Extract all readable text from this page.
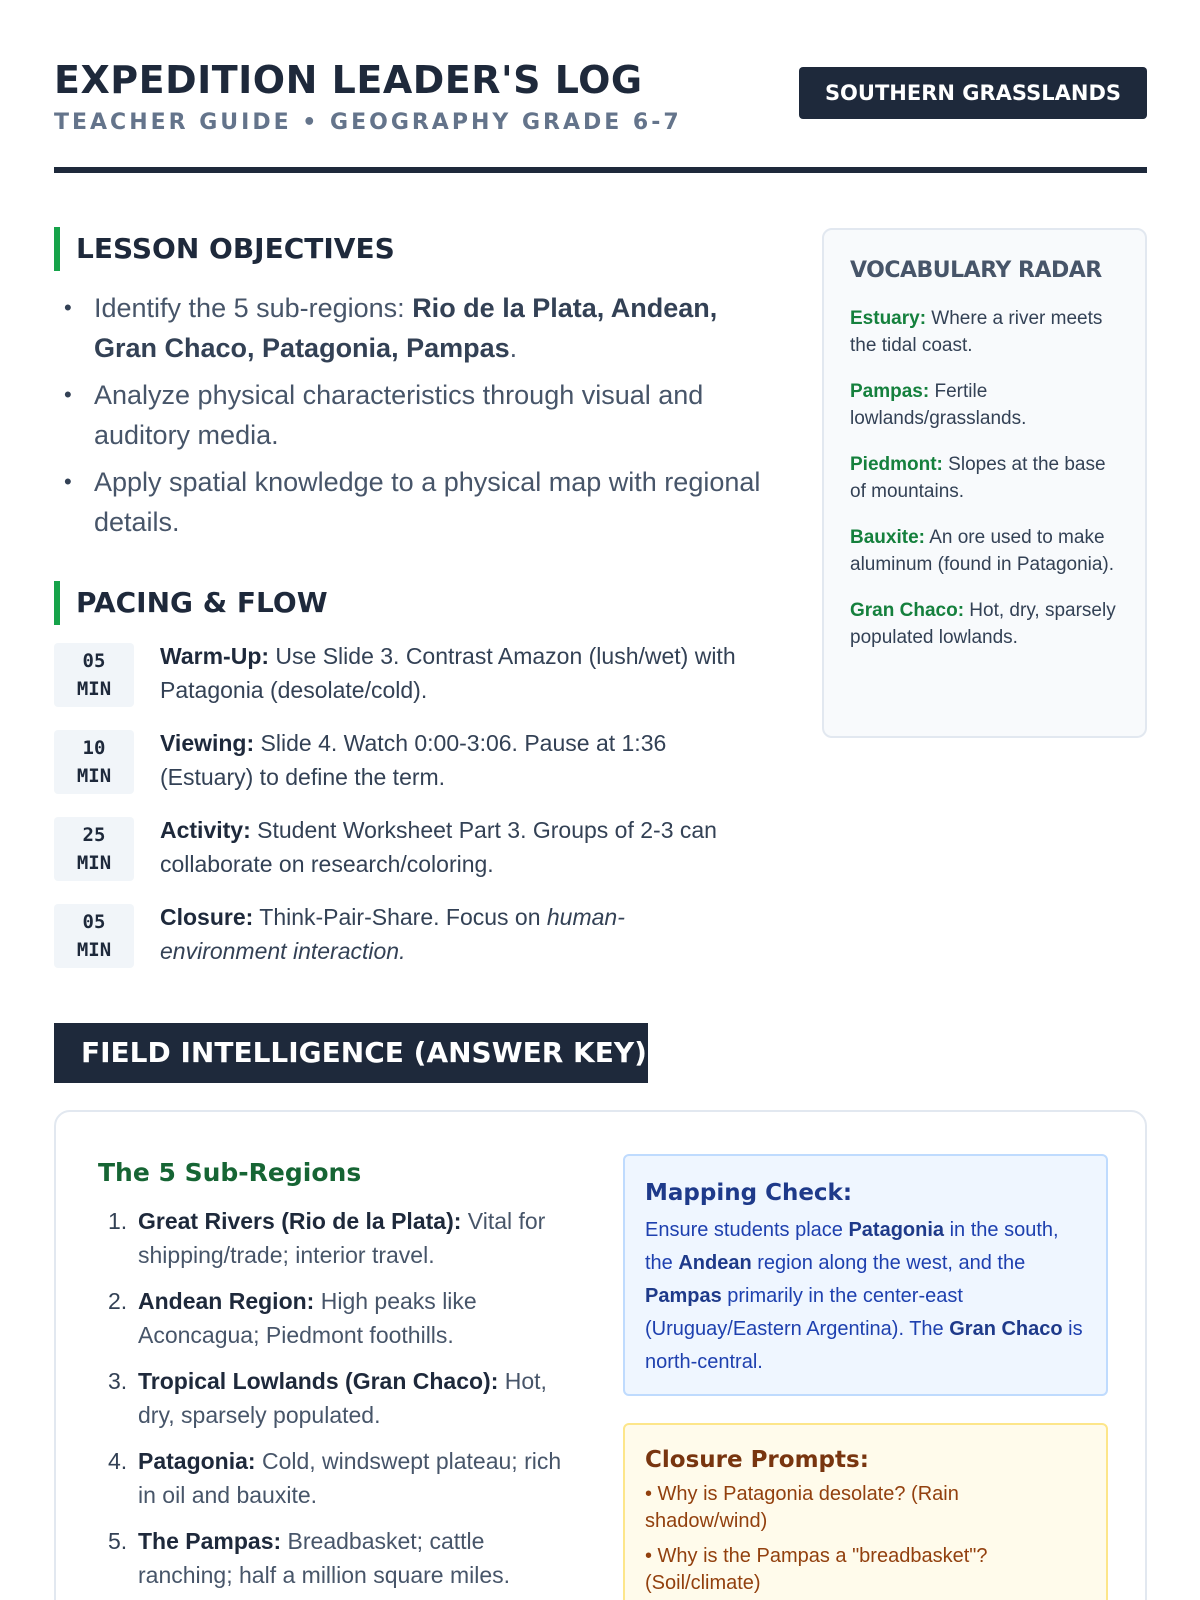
EXPEDITION LEADER'S LOG
TEACHER GUIDE • GEOGRAPHY GRADE 6-7
SOUTHERN GRASSLANDS
LESSON OBJECTIVES
• Identify the 5 sub-regions: Rio de la Plata, Andean, Gran Chaco, Patagonia, Pampas.
• Analyze physical characteristics through visual and auditory media.
• Apply spatial knowledge to a physical map with regional details.
PACING & FLOW
05
MIN
Warm-Up: Use Slide 3. Contrast Amazon (lush/wet) with Patagonia (desolate/cold).
10
MIN
Viewing: Slide 4. Watch 0:00-3:06. Pause at 1:36 (Estuary) to define the term.
25
MIN
Activity: Student Worksheet Part 3. Groups of 2-3 can collaborate on research/coloring.
05
MIN
Closure: Think-Pair-Share. Focus on human-environment interaction.
VOCABULARY RADAR
Estuary: Where a river meets the tidal coast.
Pampas: Fertile lowlands/grasslands.
Piedmont: Slopes at the base of mountains.
Bauxite: An ore used to make aluminum (found in Patagonia).
Gran Chaco: Hot, dry, sparsely populated lowlands.
FIELD INTELLIGENCE (ANSWER KEY)
The 5 Sub-Regions
1. Great Rivers (Rio de la Plata): Vital for shipping/trade; interior travel.
2. Andean Region: High peaks like Aconcagua; Piedmont foothills.
3. Tropical Lowlands (Gran Chaco): Hot, dry, sparsely populated.
4. Patagonia: Cold, windswept plateau; rich in oil and bauxite.
5. The Pampas: Breadbasket; cattle ranching; half a million square miles.
Mapping Check:
Ensure students place Patagonia in the south, the Andean region along the west, and the Pampas primarily in the center-east (Uruguay/Eastern Argentina). The Gran Chaco is north-central.
Closure Prompts:
• Why is Patagonia desolate? (Rain shadow/wind)
• Why is the Pampas a "breadbasket"? (Soil/climate)
